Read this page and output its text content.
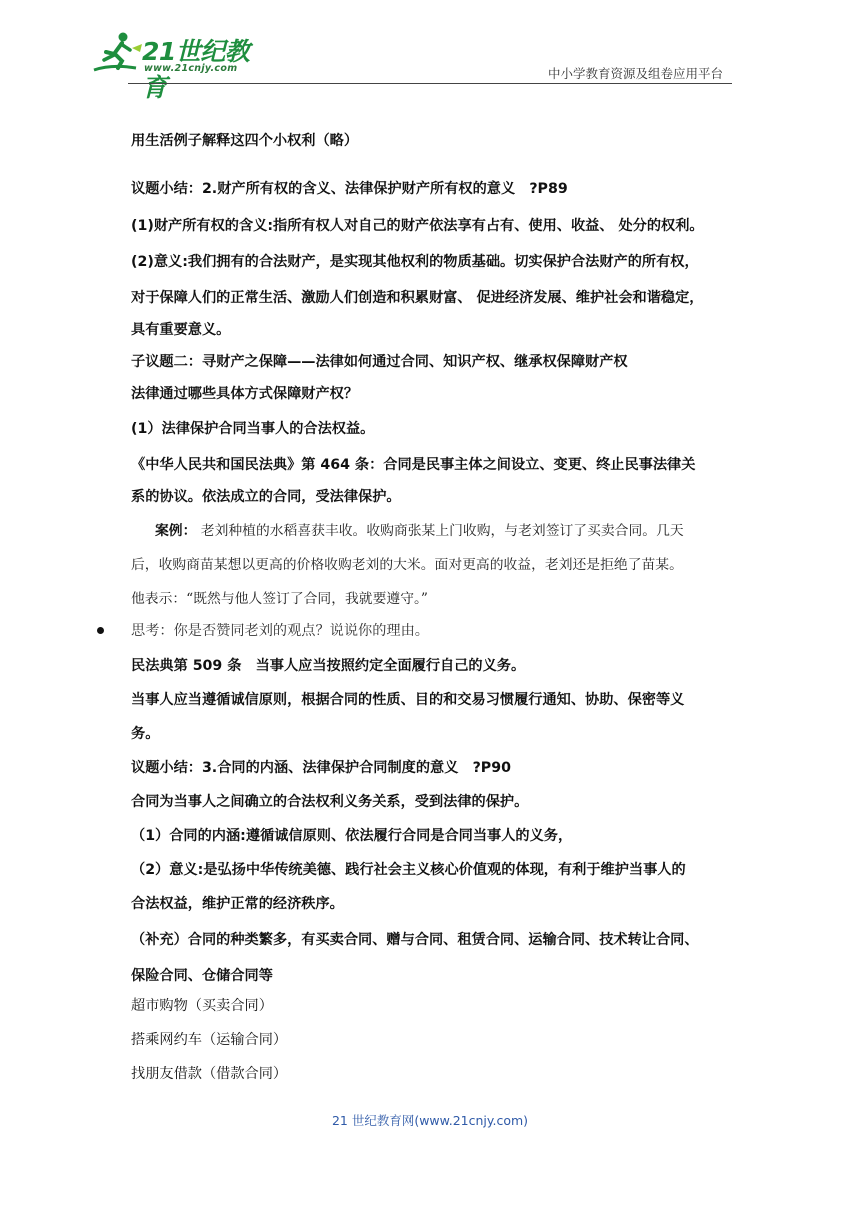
21世纪教育
www.21cnjy.com	中小学教育资源及组卷应用平台
用生活例子解释这四个小权利（略）
议题小结：2.财产所有权的含义、法律保护财产所有权的意义　?P89
(1)财产所有权的含义:指所有权人对自己的财产依法享有占有、使用、收益、 处分的权利。
(2)意义:我们拥有的合法财产，是实现其他权利的物质基础。切实保护合法财产的所有权，
对于保障人们的正常生活、激励人们创造和积累财富、 促进经济发展、维护社会和谐稳定，
具有重要意义。
子议题二：寻财产之保障——法律如何通过合同、知识产权、继承权保障财产权
法律通过哪些具体方式保障财产权？
(1）法律保护合同当事人的合法权益。
《中华人民共和国民法典》第 464 条：合同是民事主体之间设立、变更、终止民事法律关
系的协议。依法成立的合同，受法律保护。
案例： 老刘种植的水稻喜获丰收。收购商张某上门收购，与老刘签订了买卖合同。几天
后，收购商苗某想以更高的价格收购老刘的大米。面对更高的收益，老刘还是拒绝了苗某。
他表示：“既然与他人签订了合同，我就要遵守。”
思考：你是否赞同老刘的观点？说说你的理由。
民法典第 509 条　当事人应当按照约定全面履行自己的义务。
当事人应当遵循诚信原则，根据合同的性质、目的和交易习惯履行通知、协助、保密等义
务。
议题小结：3.合同的内涵、法律保护合同制度的意义　?P90
合同为当事人之间确立的合法权利义务关系，受到法律的保护。
（1）合同的内涵:遵循诚信原则、依法履行合同是合同当事人的义务，
（2）意义:是弘扬中华传统美德、践行社会主义核心价值观的体现，有利于维护当事人的
合法权益，维护正常的经济秩序。
（补充）合同的种类繁多，有买卖合同、赠与合同、租赁合同、运输合同、技术转让合同、
保险合同、仓储合同等
超市购物（买卖合同）
搭乘网约车（运输合同）
找朋友借款（借款合同）
21 世纪教育网(www.21cnjy.com)
